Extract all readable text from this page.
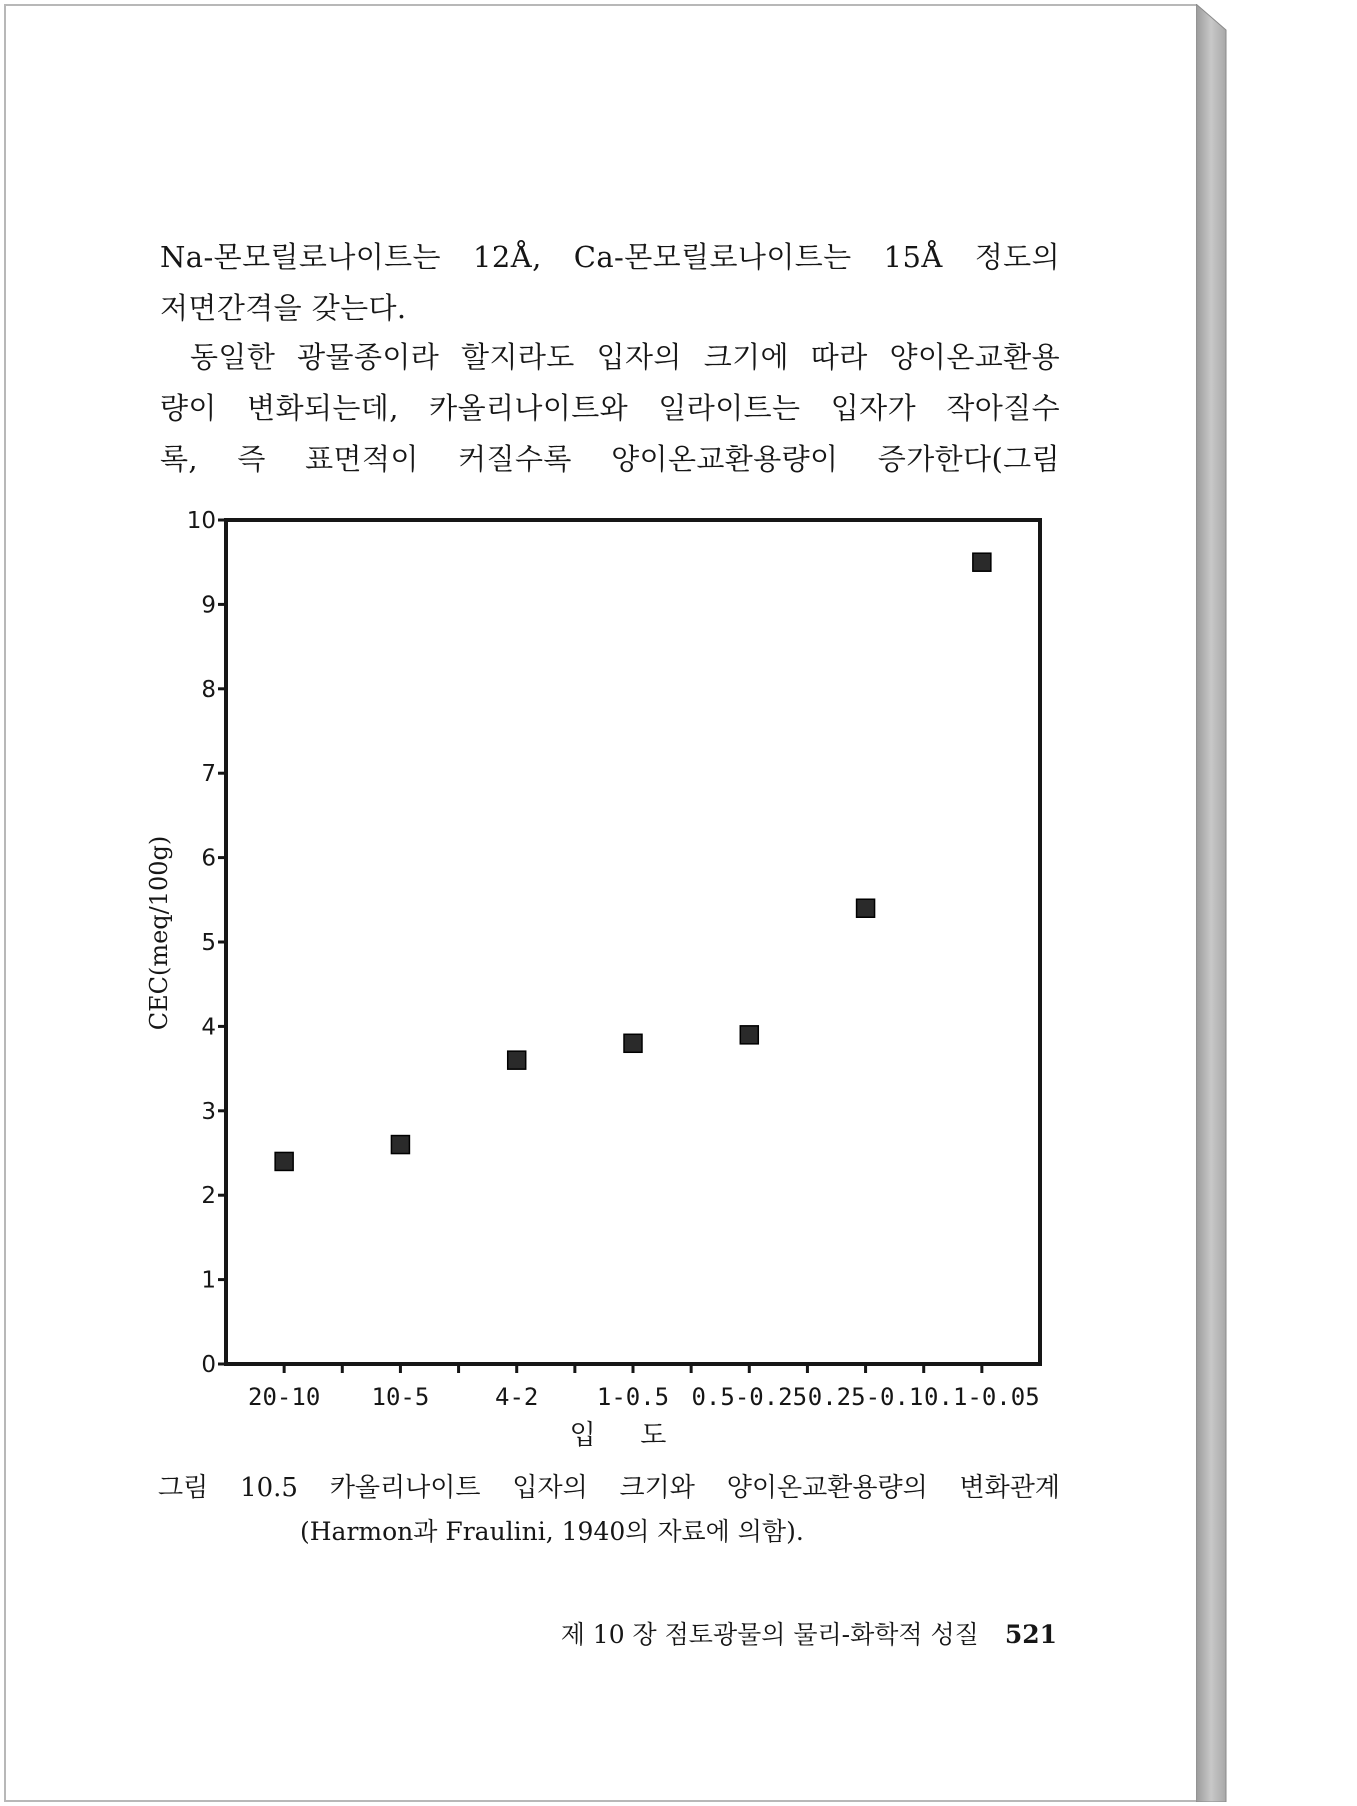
Na-몬모릴로나이트는 12Å, Ca-몬모릴로나이트는 15Å 정도의
저면간격을 갖는다.
동일한 광물종이라 할지라도 입자의 크기에 따라 양이온교환용
량이 변화되는데, 카올리나이트와 일라이트는 입자가 작아질수
록, 즉 표면적이 커질수록 양이온교환용량이 증가한다(그림
0
1
2
3
4
5
6
7
8
9
10
20-10 10-5	4-2 1-0.5 0.5-0.25 0.25-0.1 0.1-0.05
CEC(meq/100g)
입 도
그림 10.5 카올리나이트 입자의 크기와 양이온교환용량의 변화관계
(Harmon과 Fraulini, 1940의 자료에 의함).
제 10 장 점토광물의 물리-화학적 성질 521
